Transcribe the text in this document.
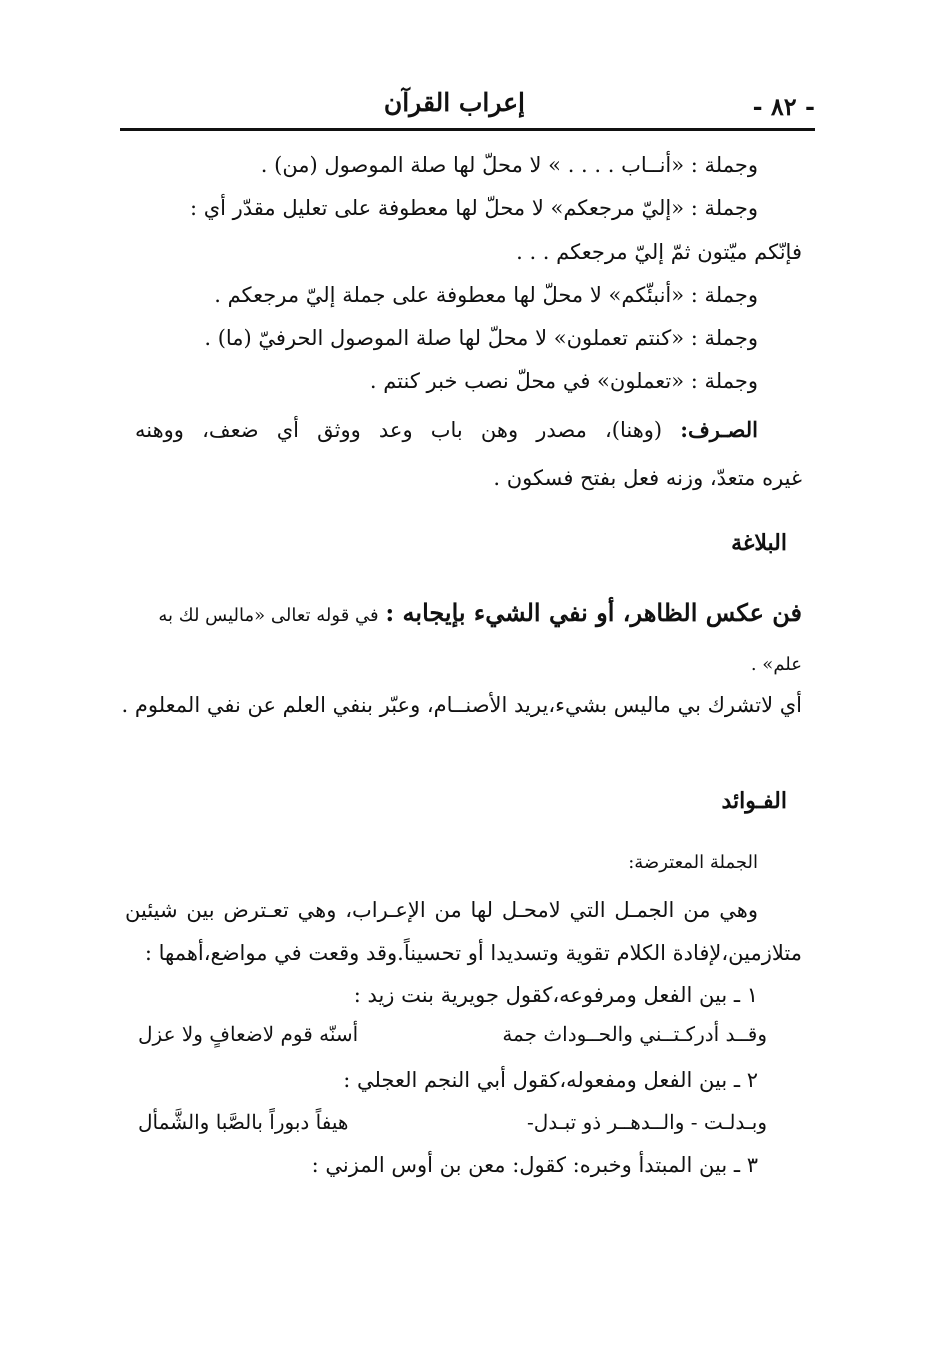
- ٨٢ -
إعراب القرآن
وجملة : «أنــاب . . . . » لا محلّ لها صلة الموصول (من) .
وجملة : «إليّ مرجعكم» لا محلّ لها معطوفة على تعليل مقدّر أي :
فإنّكم ميّتون ثمّ إليّ مرجعكم . . .
وجملة : «أنبئّكم» لا محلّ لها معطوفة على جملة إليّ مرجعكم .
وجملة : «كنتم تعملون» لا محلّ لها صلة الموصول الحرفيّ (ما) .
وجملة : «تعملون» في محلّ نصب خبر كنتم .
الصـرف: (وهنا)، مصدر وهن باب وعد ووثق أي ضعف، ووهنه
غيره متعدّ، وزنه فعل بفتح فسكون .
البلاغة
فن عكس الظاهر، أو نفي الشيء بإيجابه : في قوله تعالى «ماليس لك به
علم» .
أي لاتشرك بي ماليس بشيء،يريد الأصنــام، وعبّر بنفي العلم عن نفي المعلوم .
الفـوائد
الجملة المعترضة:
وهي من الجمـل التي لامحـل لها من الإعـراب، وهي تعـترض بين شيئين
متلازمين،لإفادة الكلام تقوية وتسديدا أو تحسيناً.وقد وقعت في مواضع،أهمها :
١ ـ بين الفعل ومرفوعه،كقول جويرية بنت زيد :
وقــد أدركـتــني والحــوداث جمة
أسنّه قوم لاضعافٍ ولا عزل
٢ ـ بين الفعل ومفعوله،كقول أبي النجم العجلي :
وبـدلـت - والــدهــر ذو تبـدل-
هيفاً دبوراً بالصَّبا والشَّمأل
٣ ـ بين المبتدأ وخبره: كقول: معن بن أوس المزني :
